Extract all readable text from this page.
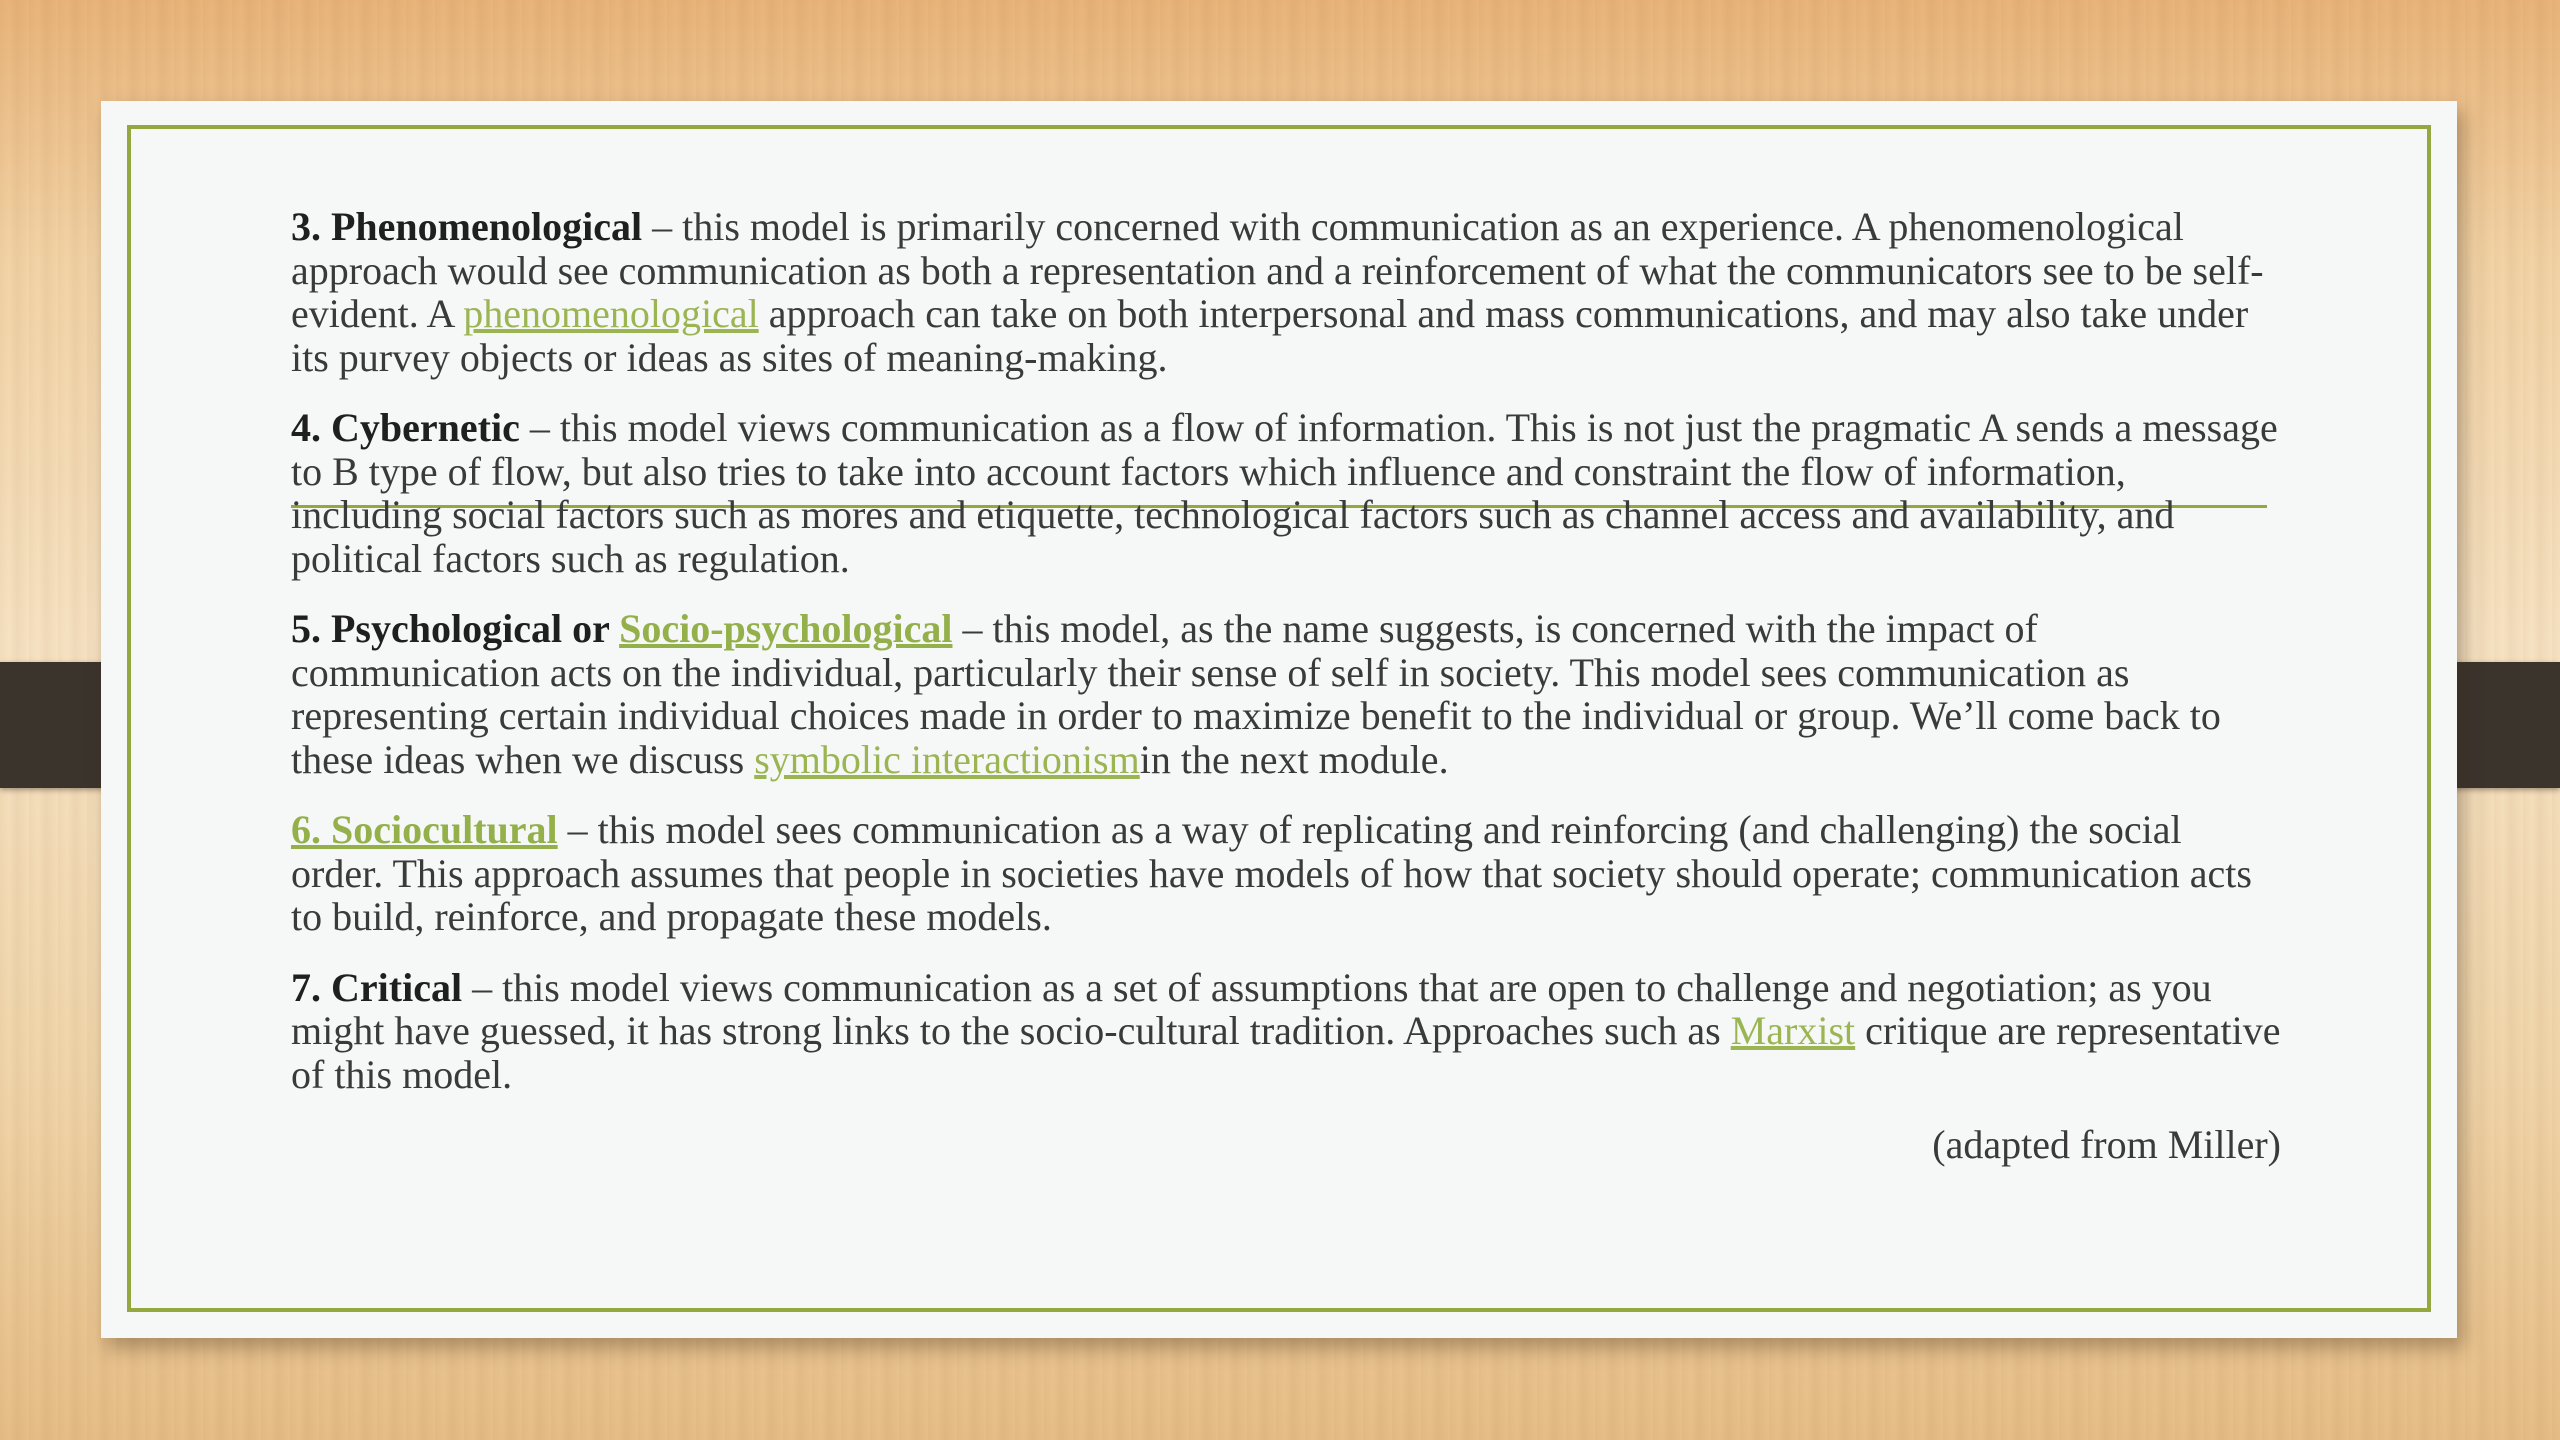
3. Phenomenological – this model is primarily concerned with communication as an experience. A phenomenological approach would see communication as both a representation and a reinforcement of what the communicators see to be self-evident. A phenomenological approach can take on both interpersonal and mass communications, and may also take under its purvey objects or ideas as sites of meaning-making.

4. Cybernetic – this model views communication as a flow of information. This is not just the pragmatic A sends a message to B type of flow, but also tries to take into account factors which influence and constraint the flow of information, including social factors such as mores and etiquette, technological factors such as channel access and availability, and political factors such as regulation.

5. Psychological or Socio-psychological – this model, as the name suggests, is concerned with the impact of communication acts on the individual, particularly their sense of self in society. This model sees communication as representing certain individual choices made in order to maximize benefit to the individual or group. We’ll come back to these ideas when we discuss symbolic interactionismin the next module.

6. Sociocultural – this model sees communication as a way of replicating and reinforcing (and challenging) the social order. This approach assumes that people in societies have models of how that society should operate; communication acts to build, reinforce, and propagate these models.

7. Critical – this model views communication as a set of assumptions that are open to challenge and negotiation; as you might have guessed, it has strong links to the socio-cultural tradition. Approaches such as Marxist critique are representative of this model.

(adapted from Miller)
